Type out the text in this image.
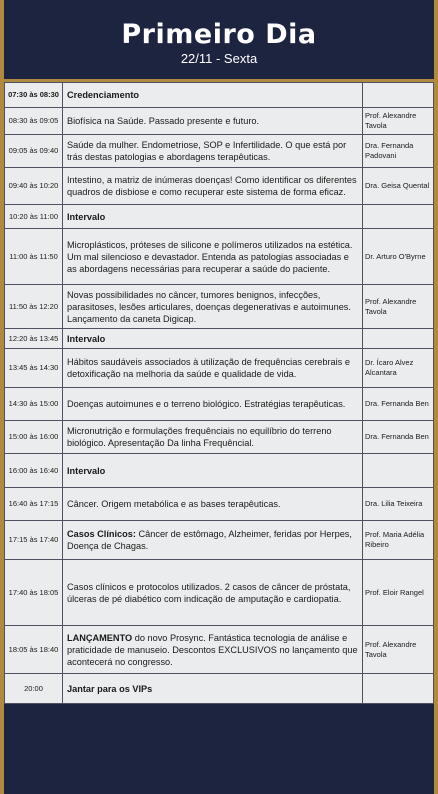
Primeiro Dia
22/11 - Sexta
07:30 às 08:30	Credenciamento	
08:30 às 09:05	Biofísica na Saúde. Passado presente e futuro.	Prof. Alexandre Tavola
09:05 às 09:40	Saúde da mulher. Endometriose, SOP e Infertilidade. O que está por trás destas patologias e abordagens terapêuticas.	Dra. Fernanda Padovani
09:40 às 10:20	Intestino, a matriz de inúmeras doenças! Como identificar os diferentes quadros de disbiose e como recuperar este sistema de forma eficaz.	Dra. Geisa Quental
10:20 às 11:00	Intervalo	
11:00 às 11:50	Microplásticos, próteses de silicone e polímeros utilizados na estética. Um mal silencioso e devastador. Entenda as patologias associadas e as abordagens necessárias para recuperar a saúde do paciente.	Dr. Arturo O'Byrne
11:50 às 12:20	Novas possibilidades no câncer, tumores benignos, infecções, parasitoses, lesões articulares, doenças degenerativas e autoimunes. Lançamento da caneta Digicap.	Prof. Alexandre Tavola
12:20 às 13:45	Intervalo	
13:45 às 14:30	Hábitos saudáveis associados à utilização de frequências cerebrais e detoxificação na melhoria da saúde e qualidade de vida.	Dr. Ícaro Alvez Alcantara
14:30 às 15:00	Doenças autoimunes e o terreno biológico. Estratégias terapêuticas.	Dra. Fernanda Ben
15:00 às 16:00	Micronutrição e formulações frequênciais no equilíbrio do terreno biológico. Apresentação Da linha Frequêncial.	Dra. Fernanda Ben
16:00 às 16:40	Intervalo	
16:40 às 17:15	Câncer. Origem metabólica e as bases terapêuticas.	Dra. Lilia Teixeira
17:15 às 17:40	Casos Clínicos: Câncer de estômago, Alzheimer, feridas por Herpes, Doença de Chagas.	Prof. Maria Adélia Ribeiro
17:40 às 18:05	Casos clínicos e protocolos utilizados. 2 casos de câncer de próstata, úlceras de pé diabético com indicação de amputação e cardiopatia.	Prof. Eloir Rangel
18:05 às 18:40	LANÇAMENTO do novo Prosync. Fantástica tecnologia de análise e praticidade de manuseio. Descontos EXCLUSIVOS no lançamento que acontecerá no congresso.	Prof. Alexandre Tavola
20:00	Jantar para os VIPs	
